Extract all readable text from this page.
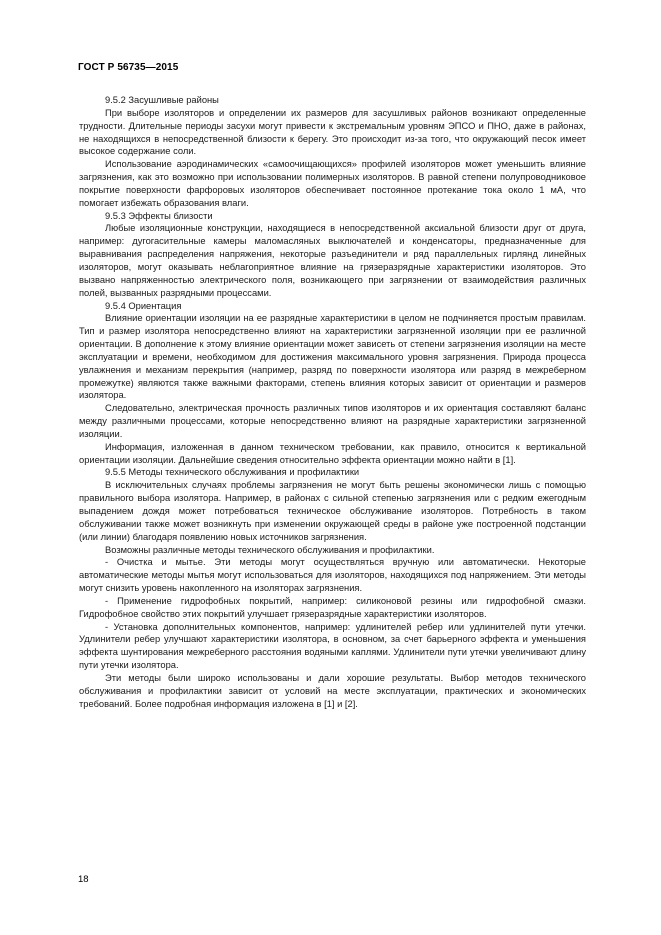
ГОСТ Р 56735—2015

9.5.2 Засушливые районы

При выборе изоляторов и определении их размеров для засушливых районов возникают определенные трудности. Длительные периоды засухи могут привести к экстремальным уровням ЭПСО и ПНО, даже в районах, не находящихся в непосредственной близости к берегу. Это происходит из-за того, что окружающий песок имеет высокое содержание соли.

Использование аэродинамических «самоочищающихся» профилей изоляторов может уменьшить влияние загрязнения, как это возможно при использовании полимерных изоляторов. В равной степени полупроводниковое покрытие поверхности фарфоровых изоляторов обеспечивает постоянное протекание тока около 1 мА, что помогает избежать образования влаги.

9.5.3 Эффекты близости

Любые изоляционные конструкции, находящиеся в непосредственной аксиальной близости друг от друга, например: дугогасительные камеры маломасляных выключателей и конденсаторы, предназначенные для выравнивания распределения напряжения, некоторые разъединители и ряд параллельных гирлянд линейных изоляторов, могут оказывать неблагоприятное влияние на грязеразрядные характеристики изоляторов. Это вызвано напряженностью электрического поля, возникающего при загрязнении от взаимодействия различных полей, вызванных разрядными процессами.

9.5.4 Ориентация

Влияние ориентации изоляции на ее разрядные характеристики в целом не подчиняется простым правилам. Тип и размер изолятора непосредственно влияют на характеристики загрязненной изоляции при ее различной ориентации. В дополнение к этому влияние ориентации может зависеть от степени загрязнения изоляции на месте эксплуатации и времени, необходимом для достижения максимального уровня загрязнения. Природа процесса увлажнения и механизм перекрытия (например, разряд по поверхности изолятора или разряд в межреберном промежутке) являются также важными факторами, степень влияния которых зависит от ориентации и размеров изолятора.

Следовательно, электрическая прочность различных типов изоляторов и их ориентация составляют баланс между различными процессами, которые непосредственно влияют на разрядные характеристики загрязненной изоляции.

Информация, изложенная в данном техническом требовании, как правило, относится к вертикальной ориентации изоляции. Дальнейшие сведения относительно эффекта ориентации можно найти в [1].

9.5.5 Методы технического обслуживания и профилактики

В исключительных случаях проблемы загрязнения не могут быть решены экономически лишь с помощью правильного выбора изолятора. Например, в районах с сильной степенью загрязнения или с редким ежегодным выпадением дождя может потребоваться техническое обслуживание изоляторов. Потребность в таком обслуживании также может возникнуть при изменении окружающей среды в районе уже построенной подстанции (или линии) благодаря появлению новых источников загрязнения.

Возможны различные методы технического обслуживания и профилактики.

- Очистка и мытье. Эти методы могут осуществляться вручную или автоматически. Некоторые автоматические методы мытья могут использоваться для изоляторов, находящихся под напряжением. Эти методы могут снизить уровень накопленного на изоляторах загрязнения.

- Применение гидрофобных покрытий, например: силиконовой резины или гидрофобной смазки. Гидрофобное свойство этих покрытий улучшает грязеразрядные характеристики изоляторов.

- Установка дополнительных компонентов, например: удлинителей ребер или удлинителей пути утечки. Удлинители ребер улучшают характеристики изолятора, в основном, за счет барьерного эффекта и уменьшения эффекта шунтирования межреберного расстояния водяными каплями. Удлинители пути утечки увеличивают длину пути утечки изолятора.

Эти методы были широко использованы и дали хорошие результаты. Выбор методов технического обслуживания и профилактики зависит от условий на месте эксплуатации, практических и экономических требований. Более подробная информация изложена в [1] и [2].

18
